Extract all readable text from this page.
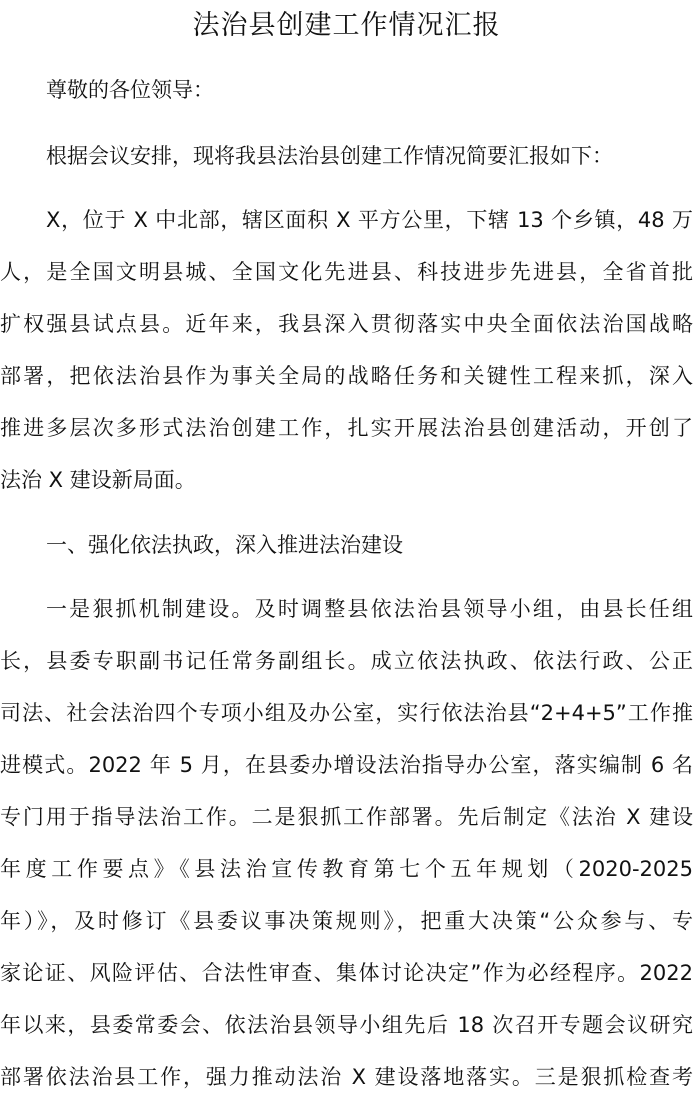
法治县创建工作情况汇报
尊敬的各位领导：
根据会议安排，现将我县法治县创建工作情况简要汇报如下：
X，位于 X 中北部，辖区面积 X 平方公里，下辖 13 个乡镇，48 万
人，是全国文明县城、全国文化先进县、科技进步先进县，全省首批
扩权强县试点县。近年来，我县深入贯彻落实中央全面依法治国战略
部署，把依法治县作为事关全局的战略任务和关键性工程来抓，深入
推进多层次多形式法治创建工作，扎实开展法治县创建活动，开创了
法治 X 建设新局面。
一、强化依法执政，深入推进法治建设
一是狠抓机制建设。及时调整县依法治县领导小组，由县长任组
长，县委专职副书记任常务副组长。成立依法执政、依法行政、公正
司法、社会法治四个专项小组及办公室，实行依法治县“2+4+5”工作推
进模式。2022 年 5 月，在县委办增设法治指导办公室，落实编制 6 名
专门用于指导法治工作。二是狠抓工作部署。先后制定《法治 X 建设
年度工作要点》《县法治宣传教育第七个五年规划（2020-2025
年）》，及时修订《县委议事决策规则》，把重大决策“公众参与、专
家论证、风险评估、合法性审查、集体讨论决定”作为必经程序。2022
年以来，县委常委会、依法治县领导小组先后 18 次召开专题会议研究
部署依法治县工作，强力推动法治 X 建设落地落实。三是狠抓检查考
